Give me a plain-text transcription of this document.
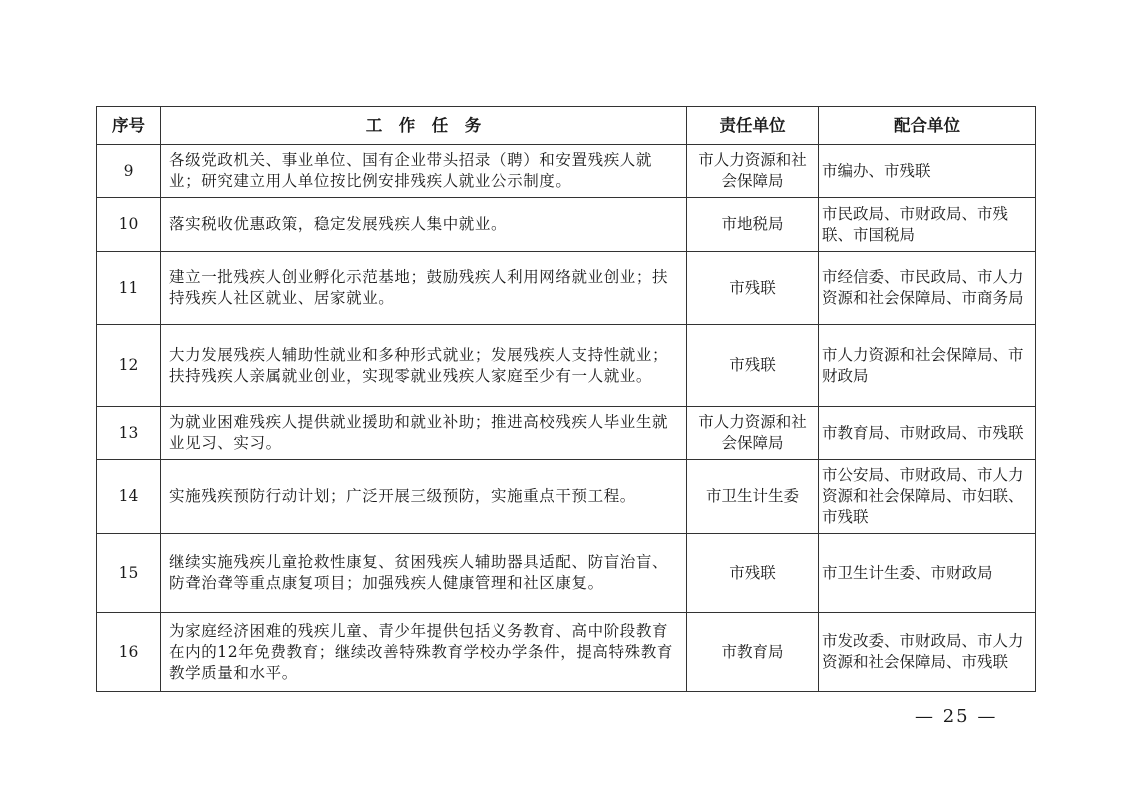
序号	工　作　任　务	责任单位	配合单位
9	各级党政机关、事业单位、国有企业带头招录（聘）和安置残疾人就业；研究建立用人单位按比例安排残疾人就业公示制度。	市人力资源和社会保障局	市编办、市残联
10	落实税收优惠政策，稳定发展残疾人集中就业。	市地税局	市民政局、市财政局、市残联、市国税局
11	建立一批残疾人创业孵化示范基地；鼓励残疾人利用网络就业创业；扶持残疾人社区就业、居家就业。	市残联	市经信委、市民政局、市人力资源和社会保障局、市商务局
12	大力发展残疾人辅助性就业和多种形式就业；发展残疾人支持性就业；扶持残疾人亲属就业创业，实现零就业残疾人家庭至少有一人就业。	市残联	市人力资源和社会保障局、市财政局
13	为就业困难残疾人提供就业援助和就业补助；推进高校残疾人毕业生就业见习、实习。	市人力资源和社会保障局	市教育局、市财政局、市残联
14	实施残疾预防行动计划；广泛开展三级预防，实施重点干预工程。	市卫生计生委	市公安局、市财政局、市人力资源和社会保障局、市妇联、市残联
15	继续实施残疾儿童抢救性康复、贫困残疾人辅助器具适配、防盲治盲、防聋治聋等重点康复项目；加强残疾人健康管理和社区康复。	市残联	市卫生计生委、市财政局
16	为家庭经济困难的残疾儿童、青少年提供包括义务教育、高中阶段教育在内的12年免费教育；继续改善特殊教育学校办学条件，提高特殊教育教学质量和水平。	市教育局	市发改委、市财政局、市人力资源和社会保障局、市残联
— 25 —
